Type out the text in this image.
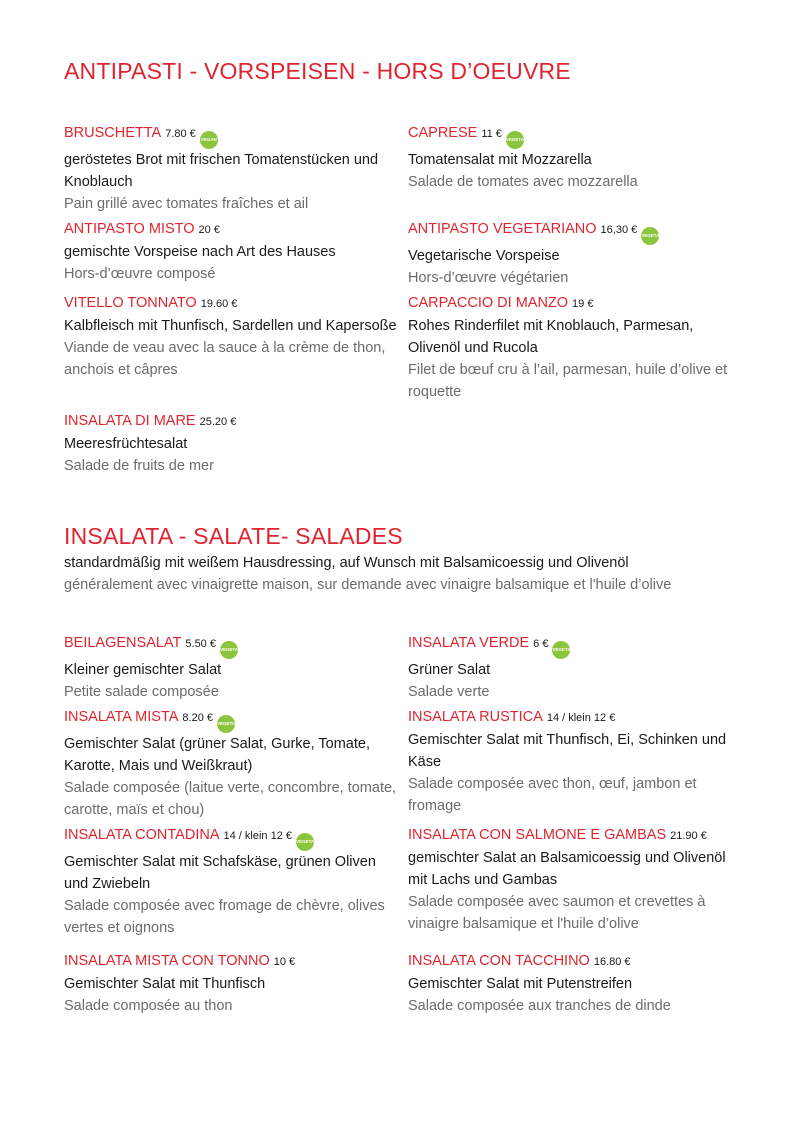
ANTIPASTI - VORSPEISEN - HORS D’OEUVRE
BRUSCHETTA 7.80 € VEGAN
geröstetes Brot mit frischen Tomatenstücken und Knoblauch
Pain grillé avec tomates fraîches et ail
ANTIPASTO MISTO 20 €
gemischte Vorspeise nach Art des Hauses
Hors-d’œuvre composé
VITELLO TONNATO 19.60 €
Kalbfleisch mit Thunfisch, Sardellen und Kapersoße
Viande de veau avec la sauce à la crème de thon, anchois et câpres
INSALATA DI MARE 25.20 €
Meeresfrüchtesalat
Salade de fruits de mer
CAPRESE 11 € VEGETARISCH
Tomatensalat mit Mozzarella
Salade de tomates avec mozzarella
ANTIPASTO VEGETARIANO 16,30 € VEGETARISCH
Vegetarische Vorspeise
Hors-d’œuvre végétarien
CARPACCIO DI MANZO 19 €
Rohes Rinderfilet mit Knoblauch, Parmesan, Olivenöl und Rucola
Filet de bœuf cru à l’ail, parmesan, huile d’olive et roquette
INSALATA - SALATE- SALADES
standardmäßig mit weißem Hausdressing, auf Wunsch mit Balsamicoessig und Olivenöl
généralement avec vinaigrette maison, sur demande avec vinaigre balsamique et l'huile d’olive
BEILAGENSALAT 5.50 € VEGETARISCH
Kleiner gemischter Salat
Petite salade composée
INSALATA MISTA 8.20 € VEGETARISCH
Gemischter Salat (grüner Salat, Gurke, Tomate, Karotte, Mais und Weißkraut)
Salade composée (laitue verte, concombre, tomate, carotte, maïs et chou)
INSALATA CONTADINA 14 / klein 12 € VEGETARISCH
Gemischter Salat mit Schafskäse, grünen Oliven und Zwiebeln
Salade composée avec fromage de chèvre, olives vertes et oignons
INSALATA MISTA CON TONNO 10 €
Gemischter Salat mit Thunfisch
Salade composée au thon
INSALATA VERDE 6 € VEGETARISCH
Grüner Salat
Salade verte
INSALATA RUSTICA 14 / klein 12 €
Gemischter Salat mit Thunfisch, Ei, Schinken und Käse
Salade composée avec thon, œuf, jambon et fromage
INSALATA CON SALMONE E GAMBAS 21.90 €
gemischter Salat an Balsamicoessig und Olivenöl mit Lachs und Gambas
Salade composée avec saumon et crevettes à vinaigre balsamique et l'huile d’olive
INSALATA CON TACCHINO 16.80 €
Gemischter Salat mit Putenstreifen
Salade composée aux tranches de dinde
